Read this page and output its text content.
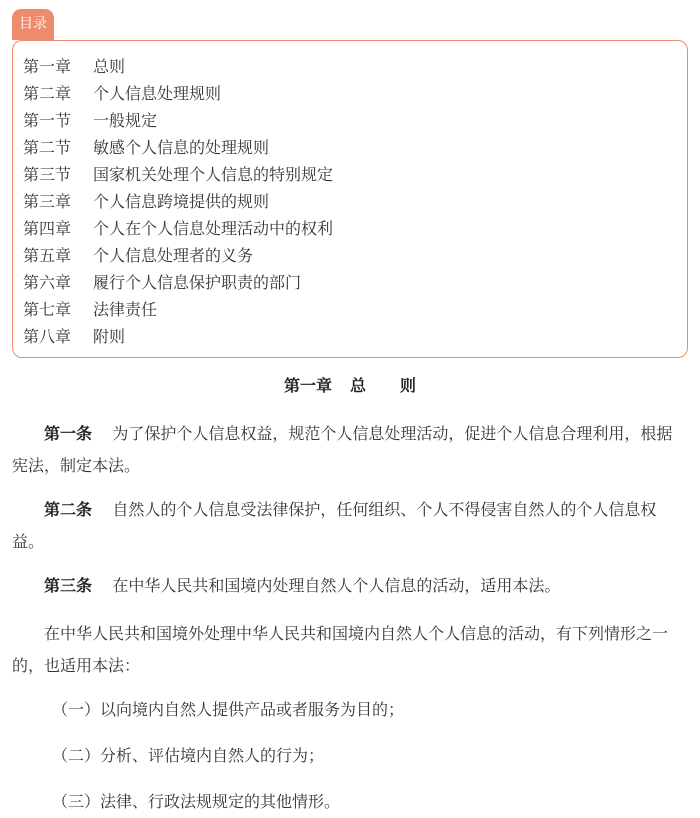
目录
第一章 总则
第二章 个人信息处理规则
第一节 一般规定
第二节 敏感个人信息的处理规则
第三节 国家机关处理个人信息的特别规定
第三章 个人信息跨境提供的规则
第四章 个人在个人信息处理活动中的权利
第五章 个人信息处理者的义务
第六章 履行个人信息保护职责的部门
第七章 法律责任
第八章 附则
第一章 总 则

第一条 为了保护个人信息权益，规范个人信息处理活动，促进个人信息合理利用，根据宪法，制定本法。

第二条 自然人的个人信息受法律保护，任何组织、个人不得侵害自然人的个人信息权益。

第三条 在中华人民共和国境内处理自然人个人信息的活动，适用本法。

在中华人民共和国境外处理中华人民共和国境内自然人个人信息的活动，有下列情形之一的，也适用本法：

（一）以向境内自然人提供产品或者服务为目的；

（二）分析、评估境内自然人的行为；

（三）法律、行政法规规定的其他情形。
